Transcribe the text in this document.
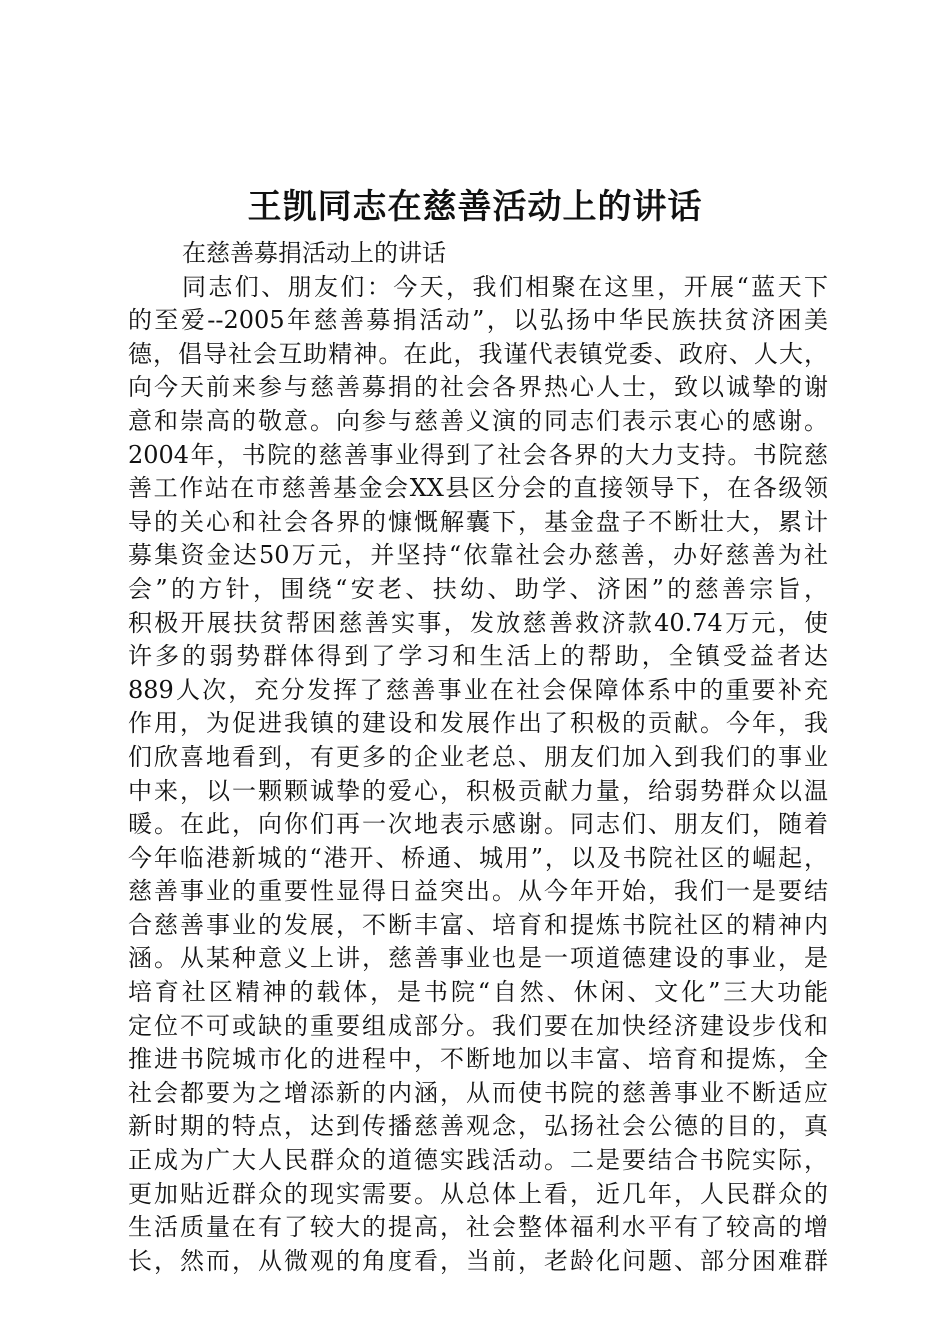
王凯同志在慈善活动上的讲话
在慈善募捐活动上的讲话
同志们、朋友们：今天，我们相聚在这里，开展“蓝天下
的至爱--2005年慈善募捐活动”，以弘扬中华民族扶贫济困美
德，倡导社会互助精神。在此，我谨代表镇党委、政府、人大，
向今天前来参与慈善募捐的社会各界热心人士，致以诚挚的谢
意和崇高的敬意。向参与慈善义演的同志们表示衷心的感谢。
2004年，书院的慈善事业得到了社会各界的大力支持。书院慈
善工作站在市慈善基金会XX县区分会的直接领导下，在各级领
导的关心和社会各界的慷慨解囊下，基金盘子不断壮大，累计
募集资金达50万元，并坚持“依靠社会办慈善，办好慈善为社
会”的方针，围绕“安老、扶幼、助学、济困”的慈善宗旨，
积极开展扶贫帮困慈善实事，发放慈善救济款40.74万元，使
许多的弱势群体得到了学习和生活上的帮助，全镇受益者达
889人次，充分发挥了慈善事业在社会保障体系中的重要补充
作用，为促进我镇的建设和发展作出了积极的贡献。今年，我
们欣喜地看到，有更多的企业老总、朋友们加入到我们的事业
中来，以一颗颗诚挚的爱心，积极贡献力量，给弱势群众以温
暖。在此，向你们再一次地表示感谢。同志们、朋友们，随着
今年临港新城的“港开、桥通、城用”，以及书院社区的崛起，
慈善事业的重要性显得日益突出。从今年开始，我们一是要结
合慈善事业的发展，不断丰富、培育和提炼书院社区的精神内
涵。从某种意义上讲，慈善事业也是一项道德建设的事业，是
培育社区精神的载体，是书院“自然、休闲、文化”三大功能
定位不可或缺的重要组成部分。我们要在加快经济建设步伐和
推进书院城市化的进程中，不断地加以丰富、培育和提炼，全
社会都要为之增添新的内涵，从而使书院的慈善事业不断适应
新时期的特点，达到传播慈善观念，弘扬社会公德的目的，真
正成为广大人民群众的道德实践活动。二是要结合书院实际，
更加贴近群众的现实需要。从总体上看，近几年，人民群众的
生活质量在有了较大的提高，社会整体福利水平有了较高的增
长，然而，从微观的角度看，当前，老龄化问题、部分困难群
